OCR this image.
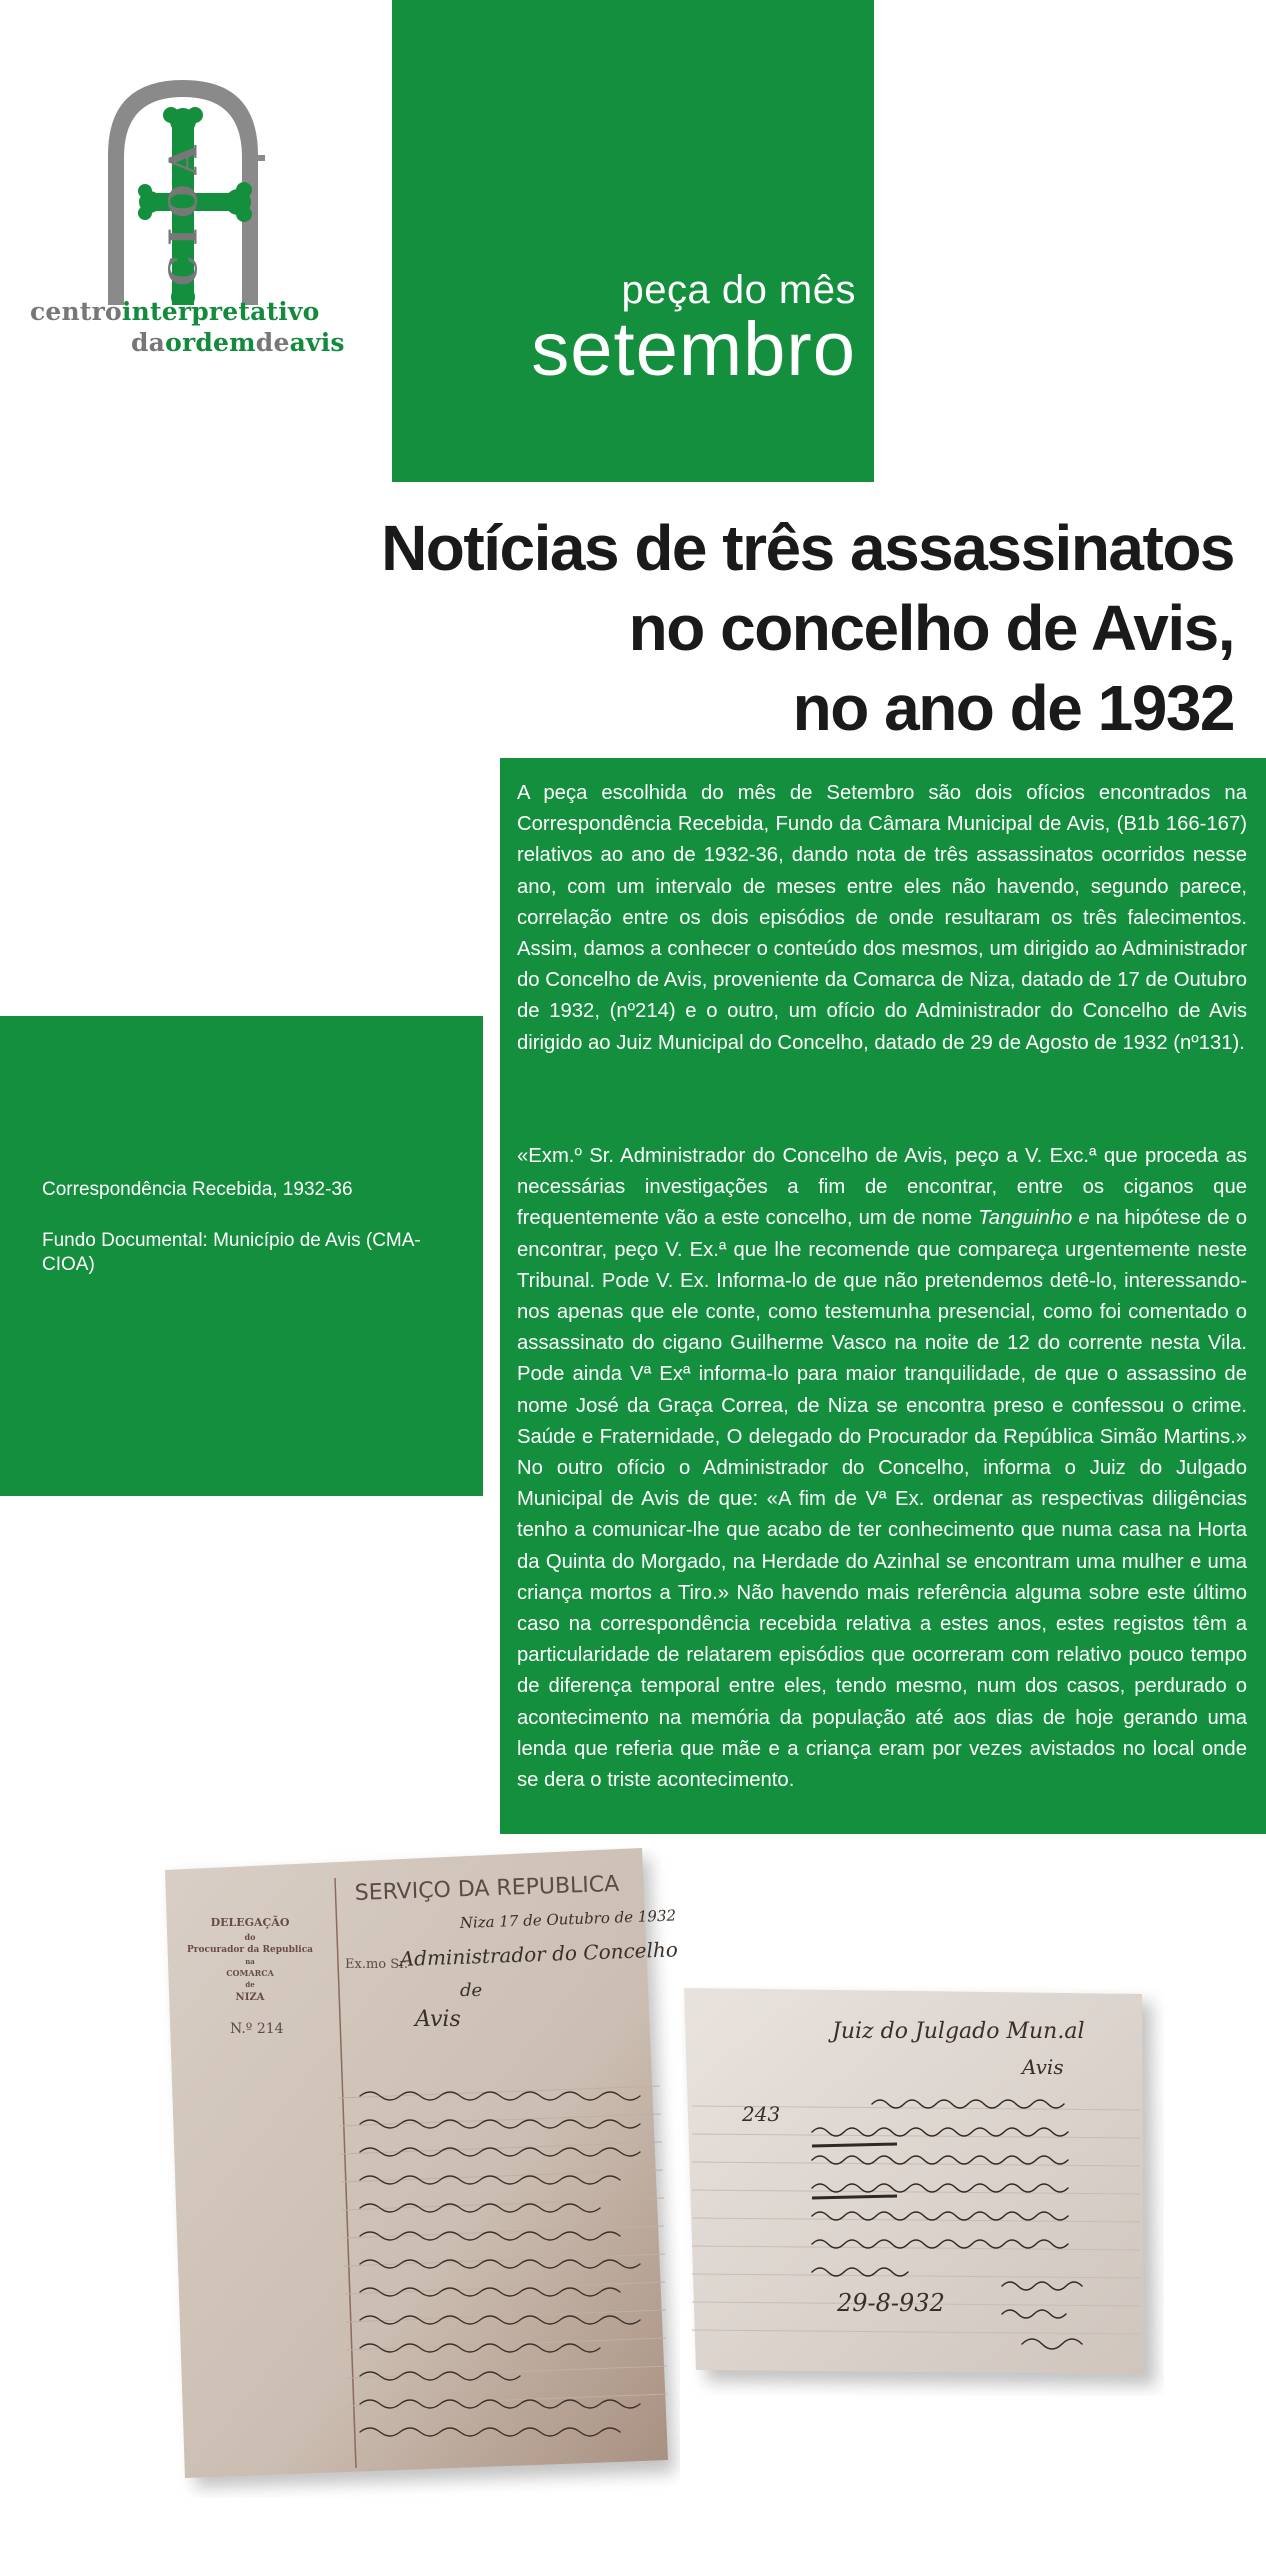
CIOA
centrointerpretativo
daordemdeavis
peça do mês
setembro
Notícias de três assassinatos
no concelho de Avis,
no ano de 1932
Correspondência Recebida, 1932-36
Fundo Documental: Município de Avis (CMA-CIOA)
A peça escolhida do mês de Setembro são dois ofícios encontrados na Correspondência Recebida, Fundo da Câmara Municipal de Avis, (B1b 166-167) relativos ao ano de 1932-36, dando nota de três assassinatos ocorridos nesse ano, com um intervalo de meses entre eles não havendo, segundo parece, correlação entre os dois episódios de onde resultaram os três falecimentos. Assim, damos a conhecer o conteúdo dos mesmos, um dirigido ao Administrador do Concelho de Avis, proveniente da Comarca de Niza, datado de 17 de Outubro de 1932, (nº214) e o outro, um ofício do Administrador do Concelho de Avis dirigido ao Juiz Municipal do Concelho, datado de 29 de Agosto de 1932 (nº131).
«Exm.º Sr. Administrador do Concelho de Avis, peço a V. Exc.ª que proceda as necessárias investigações a fim de encontrar, entre os ciganos que frequentemente vão a este concelho, um de nome Tanguinho e na hipótese de o encontrar, peço V. Ex.ª que lhe recomende que compareça urgentemente neste Tribunal. Pode V. Ex. Informa-lo de que não pretendemos detê-lo, interessando-nos apenas que ele conte, como testemunha presencial, como foi comentado o assassinato do cigano Guilherme Vasco na noite de 12 do corrente nesta Vila. Pode ainda Vª Exª informa-lo para maior tranquilidade, de que o assassino de nome José da Graça Correa, de Niza se encontra preso e confessou o crime. Saúde e Fraternidade, O delegado do Procurador da República Simão Martins.» No outro ofício o Administrador do Concelho, informa o Juiz do Julgado Municipal de Avis de que: «A fim de Vª Ex. ordenar as respectivas diligências tenho a comunicar-lhe que acabo de ter conhecimento que numa casa na Horta da Quinta do Morgado, na Herdade do Azinhal se encontram uma mulher e uma criança mortos a Tiro.» Não havendo mais referência alguma sobre este último caso na correspondência recebida relativa a estes anos, estes registos têm a particularidade de relatarem episódios que ocorreram com relativo pouco tempo de diferença temporal entre eles, tendo mesmo, num dos casos, perdurado o acontecimento na memória da população até aos dias de hoje gerando uma lenda que referia que mãe e a criança eram por vezes avistados no local onde se dera o triste acontecimento.
SERVIÇO DA REPUBLICA
DELEGAÇÃO
do
Procurador da Republica
na
COMARCA
de
NIZA
N.º 214
Niza 17 de Outubro de 1932
Ex.mo Sr.
Administrador do Concelho
de
Avis	Juiz do Julgado Mun.al
Avis
243
29-8-932
